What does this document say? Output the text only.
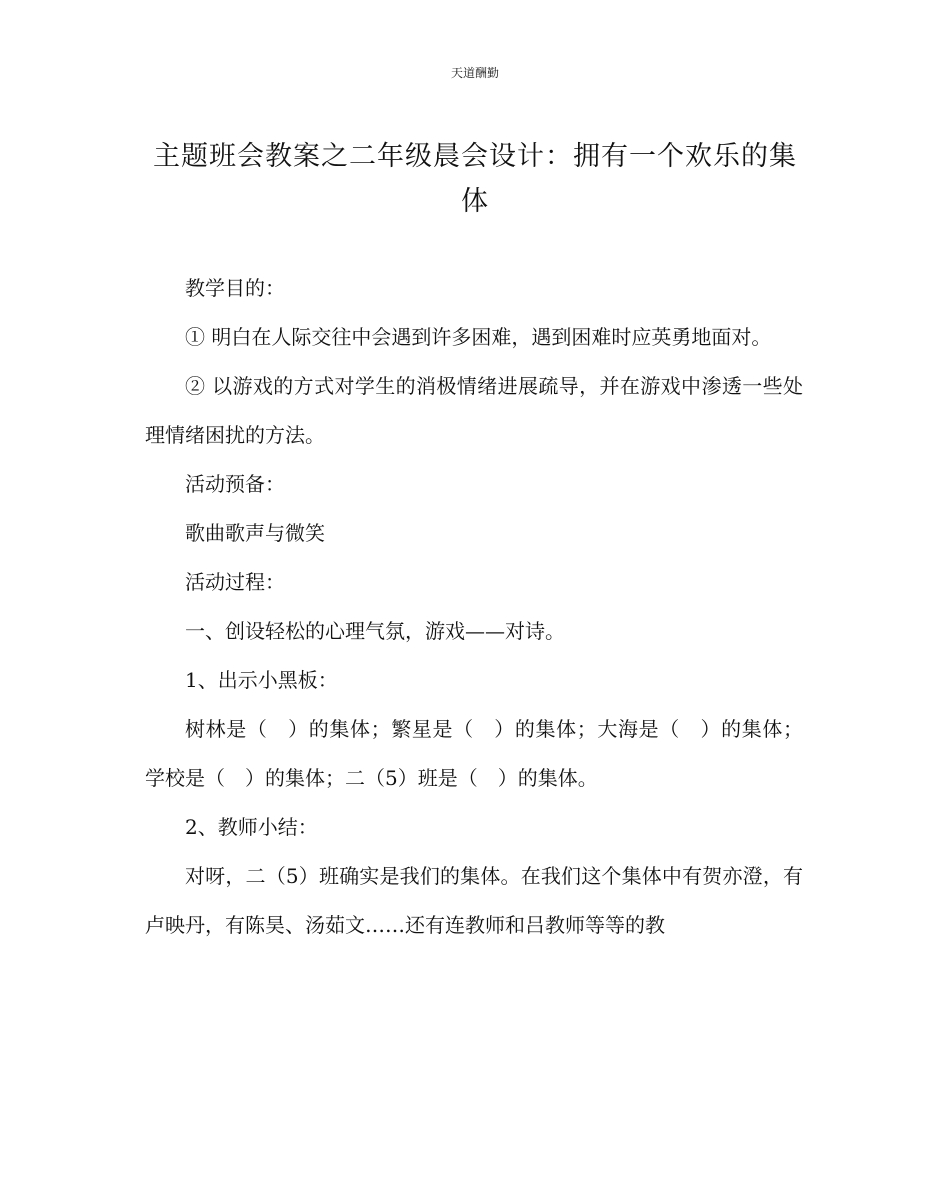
天道酬勤
主题班会教案之二年级晨会设计：拥有一个欢乐的集体

教学目的：

① 明白在人际交往中会遇到许多困难，遇到困难时应英勇地面对。

② 以游戏的方式对学生的消极情绪进展疏导，并在游戏中渗透一些处理情绪困扰的方法。

活动预备：

歌曲歌声与微笑

活动过程：

一、创设轻松的心理气氛，游戏——对诗。

1、出示小黑板：

树林是（　）的集体；繁星是（　）的集体；大海是（　）的集体；学校是（　）的集体；二（5）班是（　）的集体。

2、教师小结：

对呀，二（5）班确实是我们的集体。在我们这个集体中有贺亦澄，有卢映丹，有陈昊、汤茹文……还有连教师和吕教师等等的教
